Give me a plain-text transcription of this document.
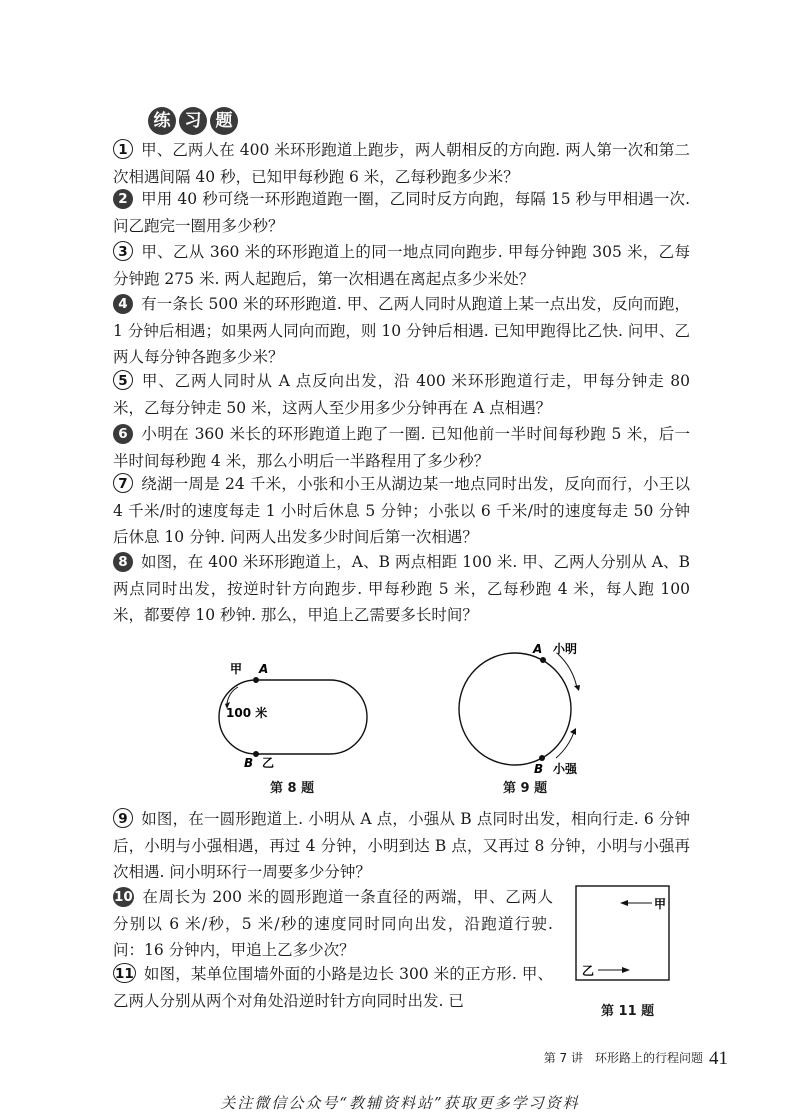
练 习 题
1 甲、乙两人在 400 米环形跑道上跑步，两人朝相反的方向跑. 两人第一次和第二次相遇间隔 40 秒，已知甲每秒跑 6 米，乙每秒跑多少米？
2 甲用 40 秒可绕一环形跑道跑一圈，乙同时反方向跑，每隔 15 秒与甲相遇一次. 问乙跑完一圈用多少秒？
3 甲、乙从 360 米的环形跑道上的同一地点同向跑步. 甲每分钟跑 305 米，乙每分钟跑 275 米. 两人起跑后，第一次相遇在离起点多少米处？
4 有一条长 500 米的环形跑道. 甲、乙两人同时从跑道上某一点出发，反向而跑，1 分钟后相遇；如果两人同向而跑，则 10 分钟后相遇. 已知甲跑得比乙快. 问甲、乙两人每分钟各跑多少米？
5 甲、乙两人同时从 A 点反向出发，沿 400 米环形跑道行走，甲每分钟走 80 米，乙每分钟走 50 米，这两人至少用多少分钟再在 A 点相遇？
6 小明在 360 米长的环形跑道上跑了一圈. 已知他前一半时间每秒跑 5 米，后一半时间每秒跑 4 米，那么小明后一半路程用了多少秒？
7 绕湖一周是 24 千米，小张和小王从湖边某一地点同时出发，反向而行，小王以 4 千米/时的速度每走 1 小时后休息 5 分钟；小张以 6 千米/时的速度每走 50 分钟后休息 10 分钟. 问两人出发多少时间后第一次相遇？
8 如图，在 400 米环形跑道上，A、B 两点相距 100 米. 甲、乙两人分别从 A、B 两点同时出发，按逆时针方向跑步. 甲每秒跑 5 米，乙每秒跑 4 米，每人跑 100 米，都要停 10 秒钟. 那么，甲追上乙需要多长时间？
甲 A
100 米
B 乙
第 8 题
A 小明
B 小强
第 9 题
9 如图，在一圆形跑道上. 小明从 A 点，小强从 B 点同时出发，相向行走. 6 分钟后，小明与小强相遇，再过 4 分钟，小明到达 B 点，又再过 8 分钟，小明与小强再次相遇. 问小明环行一周要多少分钟？
10 在周长为 200 米的圆形跑道一条直径的两端，甲、乙两人分别以 6 米/秒，5 米/秒的速度同时同向出发，沿跑道行驶. 问：16 分钟内，甲追上乙多少次？
11 如图，某单位围墙外面的小路是边长 300 米的正方形. 甲、乙两人分别从两个对角处沿逆时针方向同时出发. 已
甲
乙
第 11 题
第 7 讲　环形路上的行程问题 41
关注微信公众号“教辅资料站”获取更多学习资料
